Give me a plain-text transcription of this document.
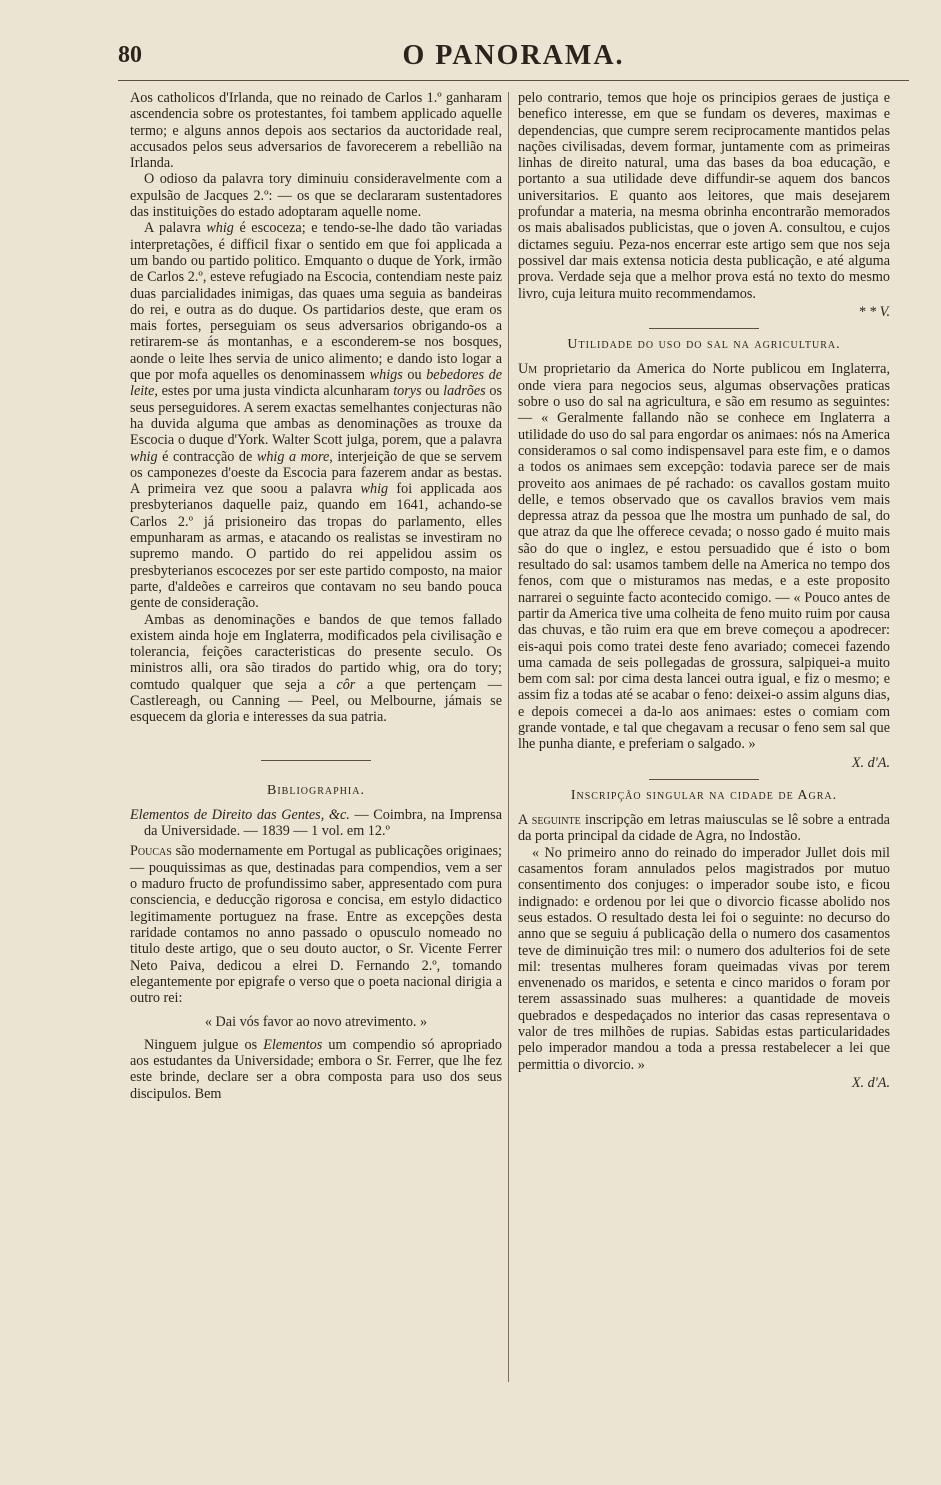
80	O PANORAMA.

Aos catholicos d'Irlanda, que no reinado de Carlos 1.º ganharam ascendencia sobre os protestantes, foi tambem applicado aquelle termo; e alguns annos depois aos sectarios da auctoridade real, accusados pelos seus adversarios de favorecerem a rebellião na Irlanda.

O odioso da palavra tory diminuiu consideravelmente com a expulsão de Jacques 2.º: — os que se declararam sustentadores das instituições do estado adoptaram aquelle nome.

A palavra whig é escoceza; e tendo-se-lhe dado tão variadas interpretações, é difficil fixar o sentido em que foi applicada a um bando ou partido politico. Emquanto o duque de York, irmão de Carlos 2.º, esteve refugiado na Escocia, contendiam neste paiz duas parcialidades inimigas, das quaes uma seguia as bandeiras do rei, e outra as do duque. Os partidarios deste, que eram os mais fortes, perseguiam os seus adversarios obrigando-os a retirarem-se ás montanhas, e a esconderem-se nos bosques, aonde o leite lhes servia de unico alimento; e dando isto logar a que por mofa aquelles os denominassem whigs ou bebedores de leite, estes por uma justa vindicta alcunharam torys ou ladrões os seus perseguidores. A serem exactas semelhantes conjecturas não ha duvida alguma que ambas as denominações as trouxe da Escocia o duque d'York. Walter Scott julga, porem, que a palavra whig é contracção de whig a more, interjeição de que se servem os camponezes d'oeste da Escocia para fazerem andar as bestas. A primeira vez que soou a palavra whig foi applicada aos presbyterianos daquelle paiz, quando em 1641, achando-se Carlos 2.º já prisioneiro das tropas do parlamento, elles empunharam as armas, e atacando os realistas se investiram no supremo mando. O partido do rei appelidou assim os presbyterianos escocezes por ser este partido composto, na maior parte, d'aldeões e carreiros que contavam no seu bando pouca gente de consideração.

Ambas as denominações e bandos de que temos fallado existem ainda hoje em Inglaterra, modificados pela civilisação e tolerancia, feições caracteristicas do presente seculo. Os ministros alli, ora são tirados do partido whig, ora do tory; comtudo qualquer que seja a côr a que pertençam — Castlereagh, ou Canning — Peel, ou Melbourne, jámais se esquecem da gloria e interesses da sua patria.

Bibliographia.

Elementos de Direito das Gentes, &c. — Coimbra, na Imprensa da Universidade. — 1839 — 1 vol. em 12.º

Poucas são modernamente em Portugal as publicações originaes; — pouquissimas as que, destinadas para compendios, vem a ser o maduro fructo de profundissimo saber, appresentado com pura consciencia, e deducção rigorosa e concisa, em estylo didactico legitimamente portuguez na frase. Entre as excepções desta raridade contamos no anno passado o opusculo nomeado no titulo deste artigo, que o seu douto auctor, o Sr. Vicente Ferrer Neto Paiva, dedicou a elrei D. Fernando 2.º, tomando elegantemente por epigrafe o verso que o poeta nacional dirigia a outro rei:

« Dai vós favor ao novo atrevimento. »

Ninguem julgue os Elementos um compendio só apropriado aos estudantes da Universidade; embora o Sr. Ferrer, que lhe fez este brinde, declare ser a obra composta para uso dos seus discipulos. Bem

pelo contrario, temos que hoje os principios geraes de justiça e benefico interesse, em que se fundam os deveres, maximas e dependencias, que cumpre serem reciprocamente mantidos pelas nações civilisadas, devem formar, juntamente com as primeiras linhas de direito natural, uma das bases da boa educação, e portanto a sua utilidade deve diffundir-se aquem dos bancos universitarios. E quanto aos leitores, que mais desejarem profundar a materia, na mesma obrinha encontrarão memorados os mais abalisados publicistas, que o joven A. consultou, e cujos dictames seguiu. Peza-nos encerrar este artigo sem que nos seja possivel dar mais extensa noticia desta publicação, e até alguma prova. Verdade seja que a melhor prova está no texto do mesmo livro, cuja leitura muito recommendamos.

* * V.
Utilidade do uso do sal na agricultura.

Um proprietario da America do Norte publicou em Inglaterra, onde viera para negocios seus, algumas observações praticas sobre o uso do sal na agricultura, e são em resumo as seguintes: — « Geralmente fallando não se conhece em Inglaterra a utilidade do uso do sal para engordar os animaes: nós na America consideramos o sal como indispensavel para este fim, e o damos a todos os animaes sem excepção: todavia parece ser de mais proveito aos animaes de pé rachado: os cavallos gostam muito delle, e temos observado que os cavallos bravios vem mais depressa atraz da pessoa que lhe mostra um punhado de sal, do que atraz da que lhe offerece cevada; o nosso gado é muito mais são do que o inglez, e estou persuadido que é isto o bom resultado do sal: usamos tambem delle na America no tempo dos fenos, com que o misturamos nas medas, e a este proposito narrarei o seguinte facto acontecido comigo. — « Pouco antes de partir da America tive uma colheita de feno muito ruim por causa das chuvas, e tão ruim era que em breve começou a apodrecer: eis-aqui pois como tratei deste feno avariado; comecei fazendo uma camada de seis pollegadas de grossura, salpiquei-a muito bem com sal: por cima desta lancei outra igual, e fiz o mesmo; e assim fiz a todas até se acabar o feno: deixei-o assim alguns dias, e depois comecei a da-lo aos animaes: estes o comiam com grande vontade, e tal que chegavam a recusar o feno sem sal que lhe punha diante, e preferiam o salgado. »

X. d'A.
Inscripção singular na cidade de Agra.

A seguinte inscripção em letras maiusculas se lê sobre a entrada da porta principal da cidade de Agra, no Indostão.

« No primeiro anno do reinado do imperador Jullet dois mil casamentos foram annulados pelos magistrados por mutuo consentimento dos conjuges: o imperador soube isto, e ficou indignado: e ordenou por lei que o divorcio ficasse abolido nos seus estados. O resultado desta lei foi o seguinte: no decurso do anno que se seguiu á publicação della o numero dos casamentos teve de diminuição tres mil: o numero dos adulterios foi de sete mil: tresentas mulheres foram queimadas vivas por terem envenenado os maridos, e setenta e cinco maridos o foram por terem assassinado suas mulheres: a quantidade de moveis quebrados e despedaçados no interior das casas representava o valor de tres milhões de rupias. Sabidas estas particularidades pelo imperador mandou a toda a pressa restabelecer a lei que permittia o divorcio. »

X. d'A.
